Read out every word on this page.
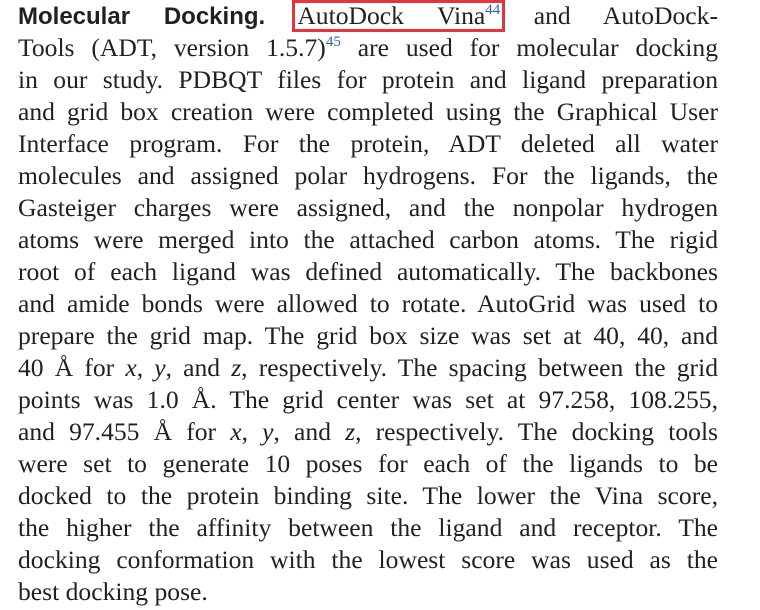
Molecular Docking. AutoDock Vina$^{44}$
and AutoDock-
Tools (ADT, version 1.5.7)$^{45}$ are used for molecular docking
in our study. PDBQT files for protein and ligand preparation
and grid box creation were completed using the Graphical User
Interface program. For the protein, ADT deleted all water
molecules and assigned polar hydrogens. For the ligands, the
Gasteiger charges were assigned, and the nonpolar hydrogen
atoms were merged into the attached carbon atoms. The rigid
root of each ligand was defined automatically. The backbones
and amide bonds were allowed to rotate. AutoGrid was used to
prepare the grid map. The grid box size was set at 40, 40, and
40 Å for x, y, and z, respectively. The spacing between the grid
points was 1.0 Å. The grid center was set at 97.258, 108.255,
and 97.455 Å for x, y, and z, respectively. The docking tools
were set to generate 10 poses for each of the ligands to be
docked to the protein binding site. The lower the Vina score,
the higher the affinity between the ligand and receptor. The
docking conformation with the lowest score was used as the
best docking pose.
